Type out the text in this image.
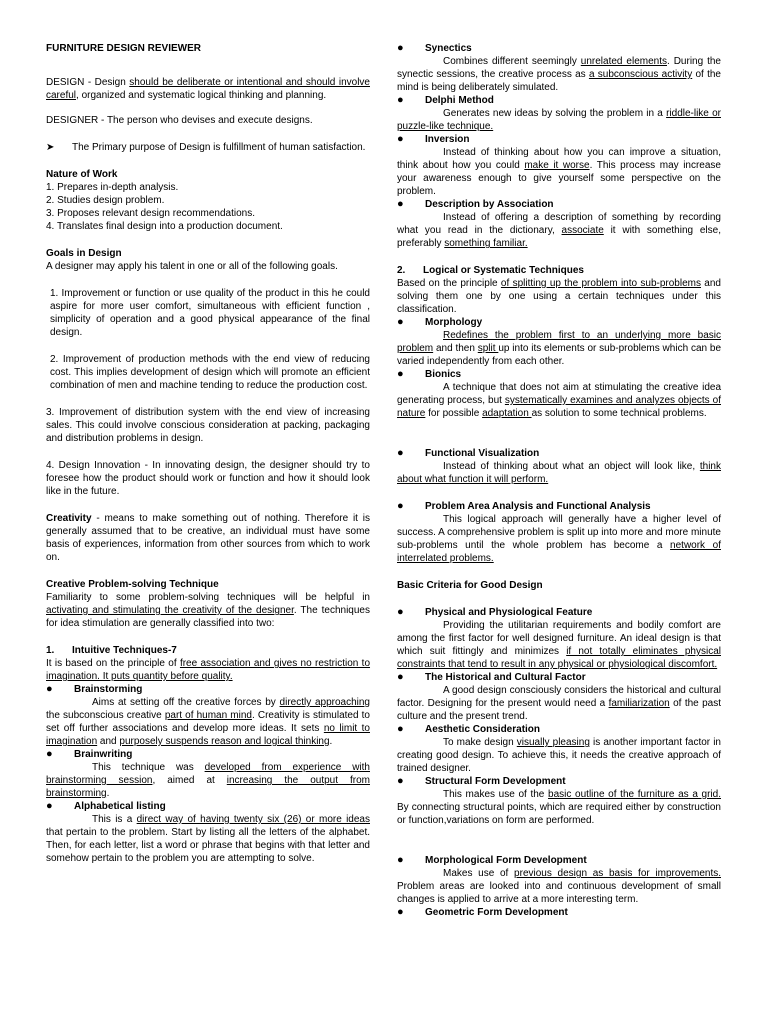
FURNITURE DESIGN REVIEWER

DESIGN - Design should be deliberate or intentional and should involve careful, organized and systematic logical thinking and planning.

DESIGNER - The person who devises and execute designs.

➤	The Primary purpose of Design is fulfillment of human satisfaction.

Nature of Work

1. Prepares in-depth analysis.

2. Studies design problem.

3. Proposes relevant design recommendations.

4. Translates final design into a production document.

Goals in Design

A designer may apply his talent in one or all of the following goals.

1. Improvement or function or use quality of the product in this he could aspire for more user comfort, simultaneous with efficient function , simplicity of operation and a good physical appearance of the final design.

2. Improvement of production methods with the end view of reducing cost. This implies development of design which will promote an efficient combination of men and machine tending to reduce the production cost.

3. Improvement of distribution system with the end view of increasing sales. This could involve conscious consideration at packing, packaging and distribution problems in design.

4. Design Innovation - In innovating design, the designer should try to foresee how the product should work or function and how it should look like in the future.

Creativity - means to make something out of nothing. Therefore it is generally assumed that to be creative, an individual must have some basis of experiences, information from other sources from which to work on.

Creative Problem-solving Technique

Familiarity to some problem-solving techniques will be helpful in activating and stimulating the creativity of the designer. The techniques for idea stimulation are generally classified into two:

1.	Intuitive Techniques-7

It is based on the principle of free association and gives no restriction to imagination. It puts quantity before quality.

●	Brainstorming

Aims at setting off the creative forces by directly approaching the subconscious creative part of human mind. Creativity is stimulated to set off further associations and develop more ideas. It sets no limit to imagination and purposely suspends reason and logical thinking.

●	Brainwriting

This technique was developed from experience with brainstorming session, aimed at increasing the output from brainstorming.

●	Alphabetical listing

This is a direct way of having twenty six (26) or more ideas that pertain to the problem. Start by listing all the letters of the alphabet. Then, for each letter, list a word or phrase that begins with that letter and somehow pertain to the problem you are attempting to solve.

●	Synectics

Combines different seemingly unrelated elements. During the synectic sessions, the creative process as a subconscious activity of the mind is being deliberately simulated.

●	Delphi Method

Generates new ideas by solving the problem in a riddle-like or puzzle-like technique.

●	Inversion

Instead of thinking about how you can improve a situation, think about how you could make it worse. This process may increase your awareness enough to give yourself some perspective on the problem.

●	Description by Association

Instead of offering a description of something by recording what you read in the dictionary, associate it with something else, preferably something familiar.

2.	Logical or Systematic Techniques

Based on the principle of splitting up the problem into sub-problems and solving them one by one using a certain techniques under this classification.

●	Morphology

Redefines the problem first to an underlying more basic problem and then split up into its elements or sub-problems which can be varied independently from each other.

●	Bionics

A technique that does not aim at stimulating the creative idea generating process, but systematically examines and analyzes objects of nature for possible adaptation as solution to some technical problems.

●	Functional Visualization

Instead of thinking about what an object will look like, think about what function it will perform.

●	Problem Area Analysis and Functional Analysis

This logical approach will generally have a higher level of success. A comprehensive problem is split up into more and more minute sub-problems until the whole problem has become a network of interrelated problems.

Basic Criteria for Good Design

●	Physical and Physiological Feature

Providing the utilitarian requirements and bodily comfort are among the first factor for well designed furniture. An ideal design is that which suit fittingly and minimizes if not totally eliminates physical constraints that tend to result in any physical or physiological discomfort.

●	The Historical and Cultural Factor

A good design consciously considers the historical and cultural factor. Designing for the present would need a familiarization of the past culture and the present trend.

●	Aesthetic Consideration

To make design visually pleasing is another important factor in creating good design. To achieve this, it needs the creative approach of trained designer.

●	Structural Form Development

This makes use of the basic outline of the furniture as a grid. By connecting structural points, which are required either by construction or function,variations on form are performed.

●	Morphological Form Development

Makes use of previous design as basis for improvements. Problem areas are looked into and continuous development of small changes is applied to arrive at a more interesting term.

●	Geometric Form Development
